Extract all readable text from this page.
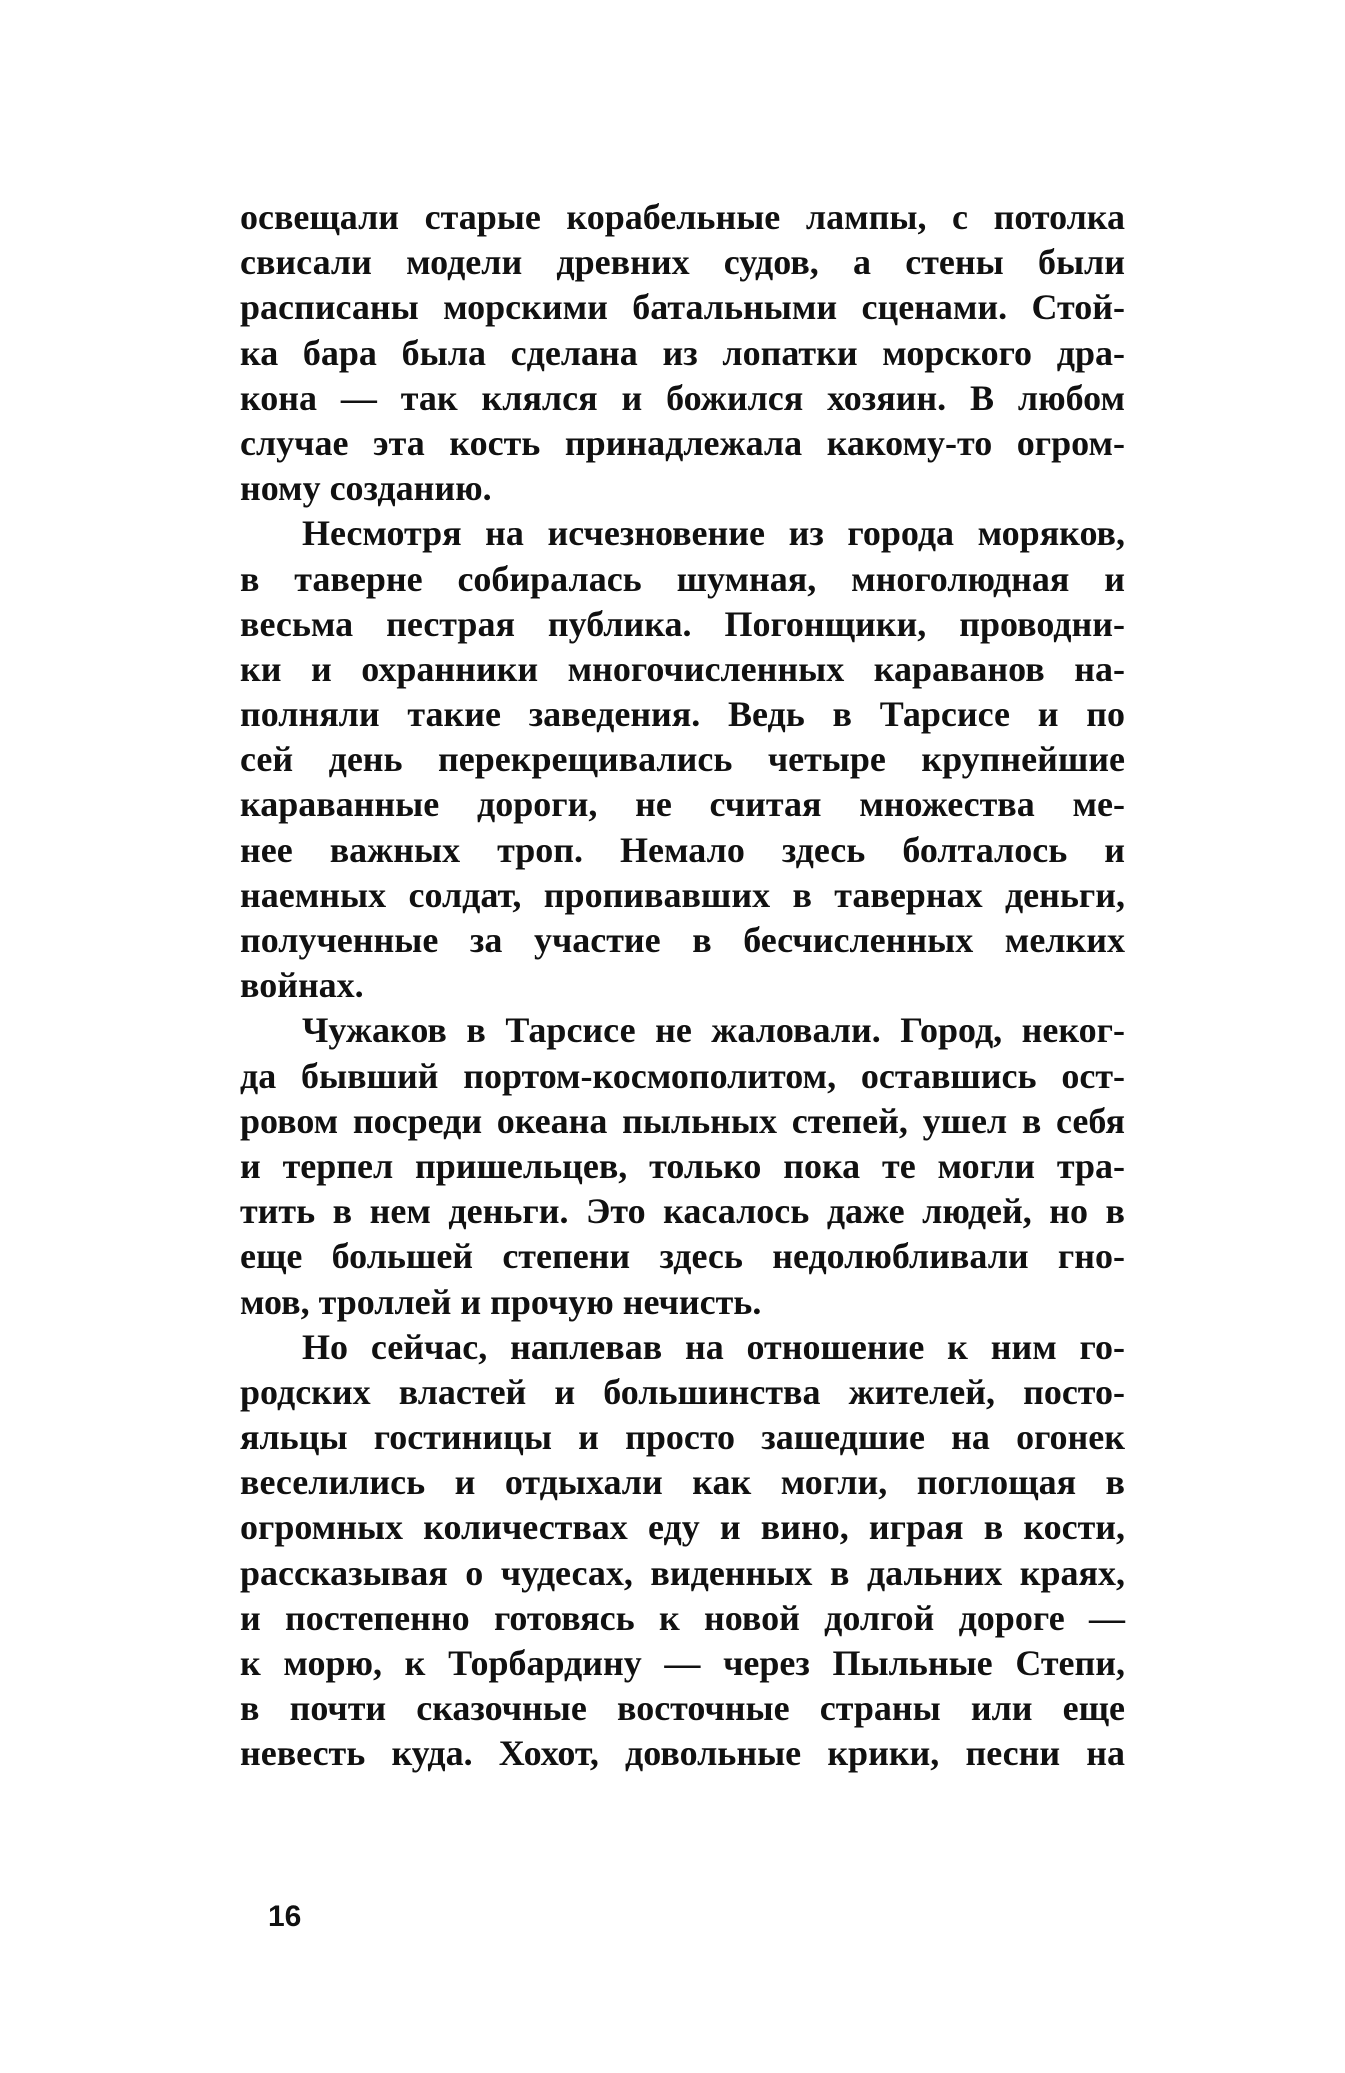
освещали старые корабельные лампы, с потолка
свисали модели древних судов, а стены были
расписаны морскими батальными сценами. Стой-
ка бара была сделана из лопатки морского дра-
кона — так клялся и божился хозяин. В любом
случае эта кость принадлежала какому-то огром-
ному созданию.
Несмотря на исчезновение из города моряков,
в таверне собиралась шумная, многолюдная и
весьма пестрая публика. Погонщики, проводни-
ки и охранники многочисленных караванов на-
полняли такие заведения. Ведь в Тарсисе и по
сей день перекрещивались четыре крупнейшие
караванные дороги, не считая множества ме-
нее важных троп. Немало здесь болталось и
наемных солдат, пропивавших в тавернах деньги,
полученные за участие в бесчисленных мелких
войнах.
Чужаков в Тарсисе не жаловали. Город, неког-
да бывший портом-космополитом, оставшись ост-
ровом посреди океана пыльных степей, ушел в себя
и терпел пришельцев, только пока те могли тра-
тить в нем деньги. Это касалось даже людей, но в
еще большей степени здесь недолюбливали гно-
мов, троллей и прочую нечисть.
Но сейчас, наплевав на отношение к ним го-
родских властей и большинства жителей, посто-
яльцы гостиницы и просто зашедшие на огонек
веселились и отдыхали как могли, поглощая в
огромных количествах еду и вино, играя в кости,
рассказывая о чудесах, виденных в дальних краях,
и постепенно готовясь к новой долгой дороге —
к морю, к Торбардину — через Пыльные Степи,
в почти сказочные восточные страны или еще
невесть куда. Хохот, довольные крики, песни на
16
